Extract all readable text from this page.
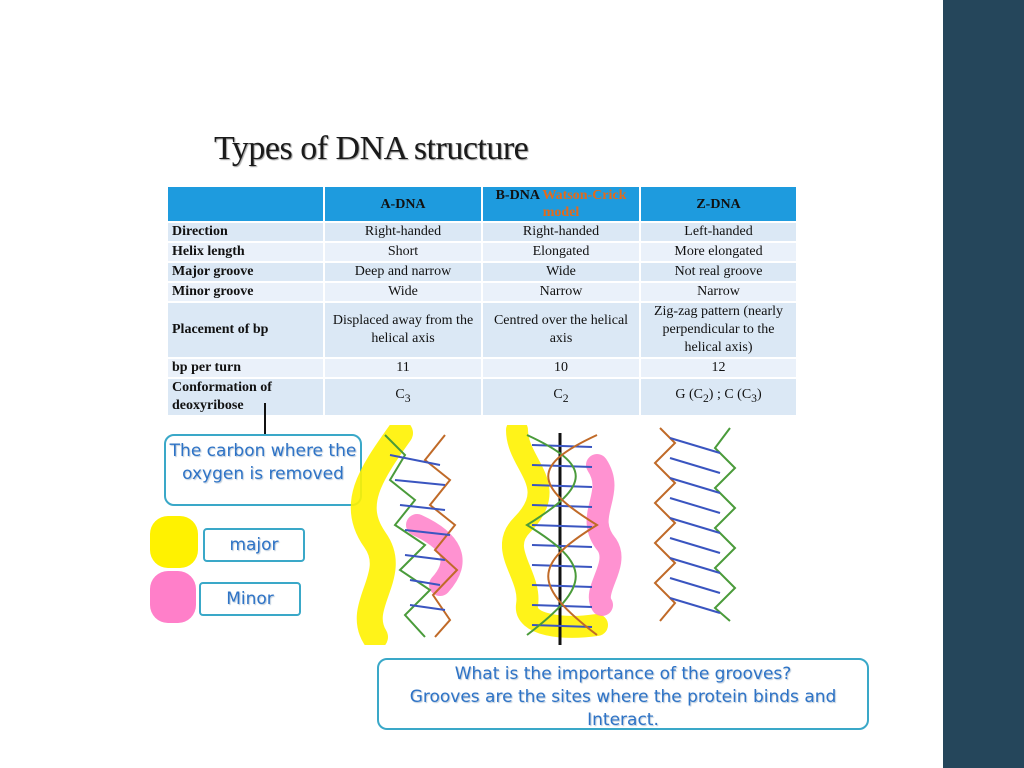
Types of DNA structure
	A-DNA	B-DNA Watson-Crick model	Z-DNA
Direction	Right-handed	Right-handed	Left-handed
Helix length	Short	Elongated	More elongated
Major groove	Deep and narrow	Wide	Not real groove
Minor groove	Wide	Narrow	Narrow
Placement of bp	Displaced away from the helical axis	Centred over the helical axis	Zig-zag pattern (nearly perpendicular to the helical axis)
bp per turn	11	10	12
Conformation of deoxyribose	$C_3$	$C_2$	G $(C_2)$ ; C $(C_3)$
The carbon where the oxygen is removed
major
Minor
What is the importance of the grooves?
Grooves are the sites where the protein binds and Interact.
